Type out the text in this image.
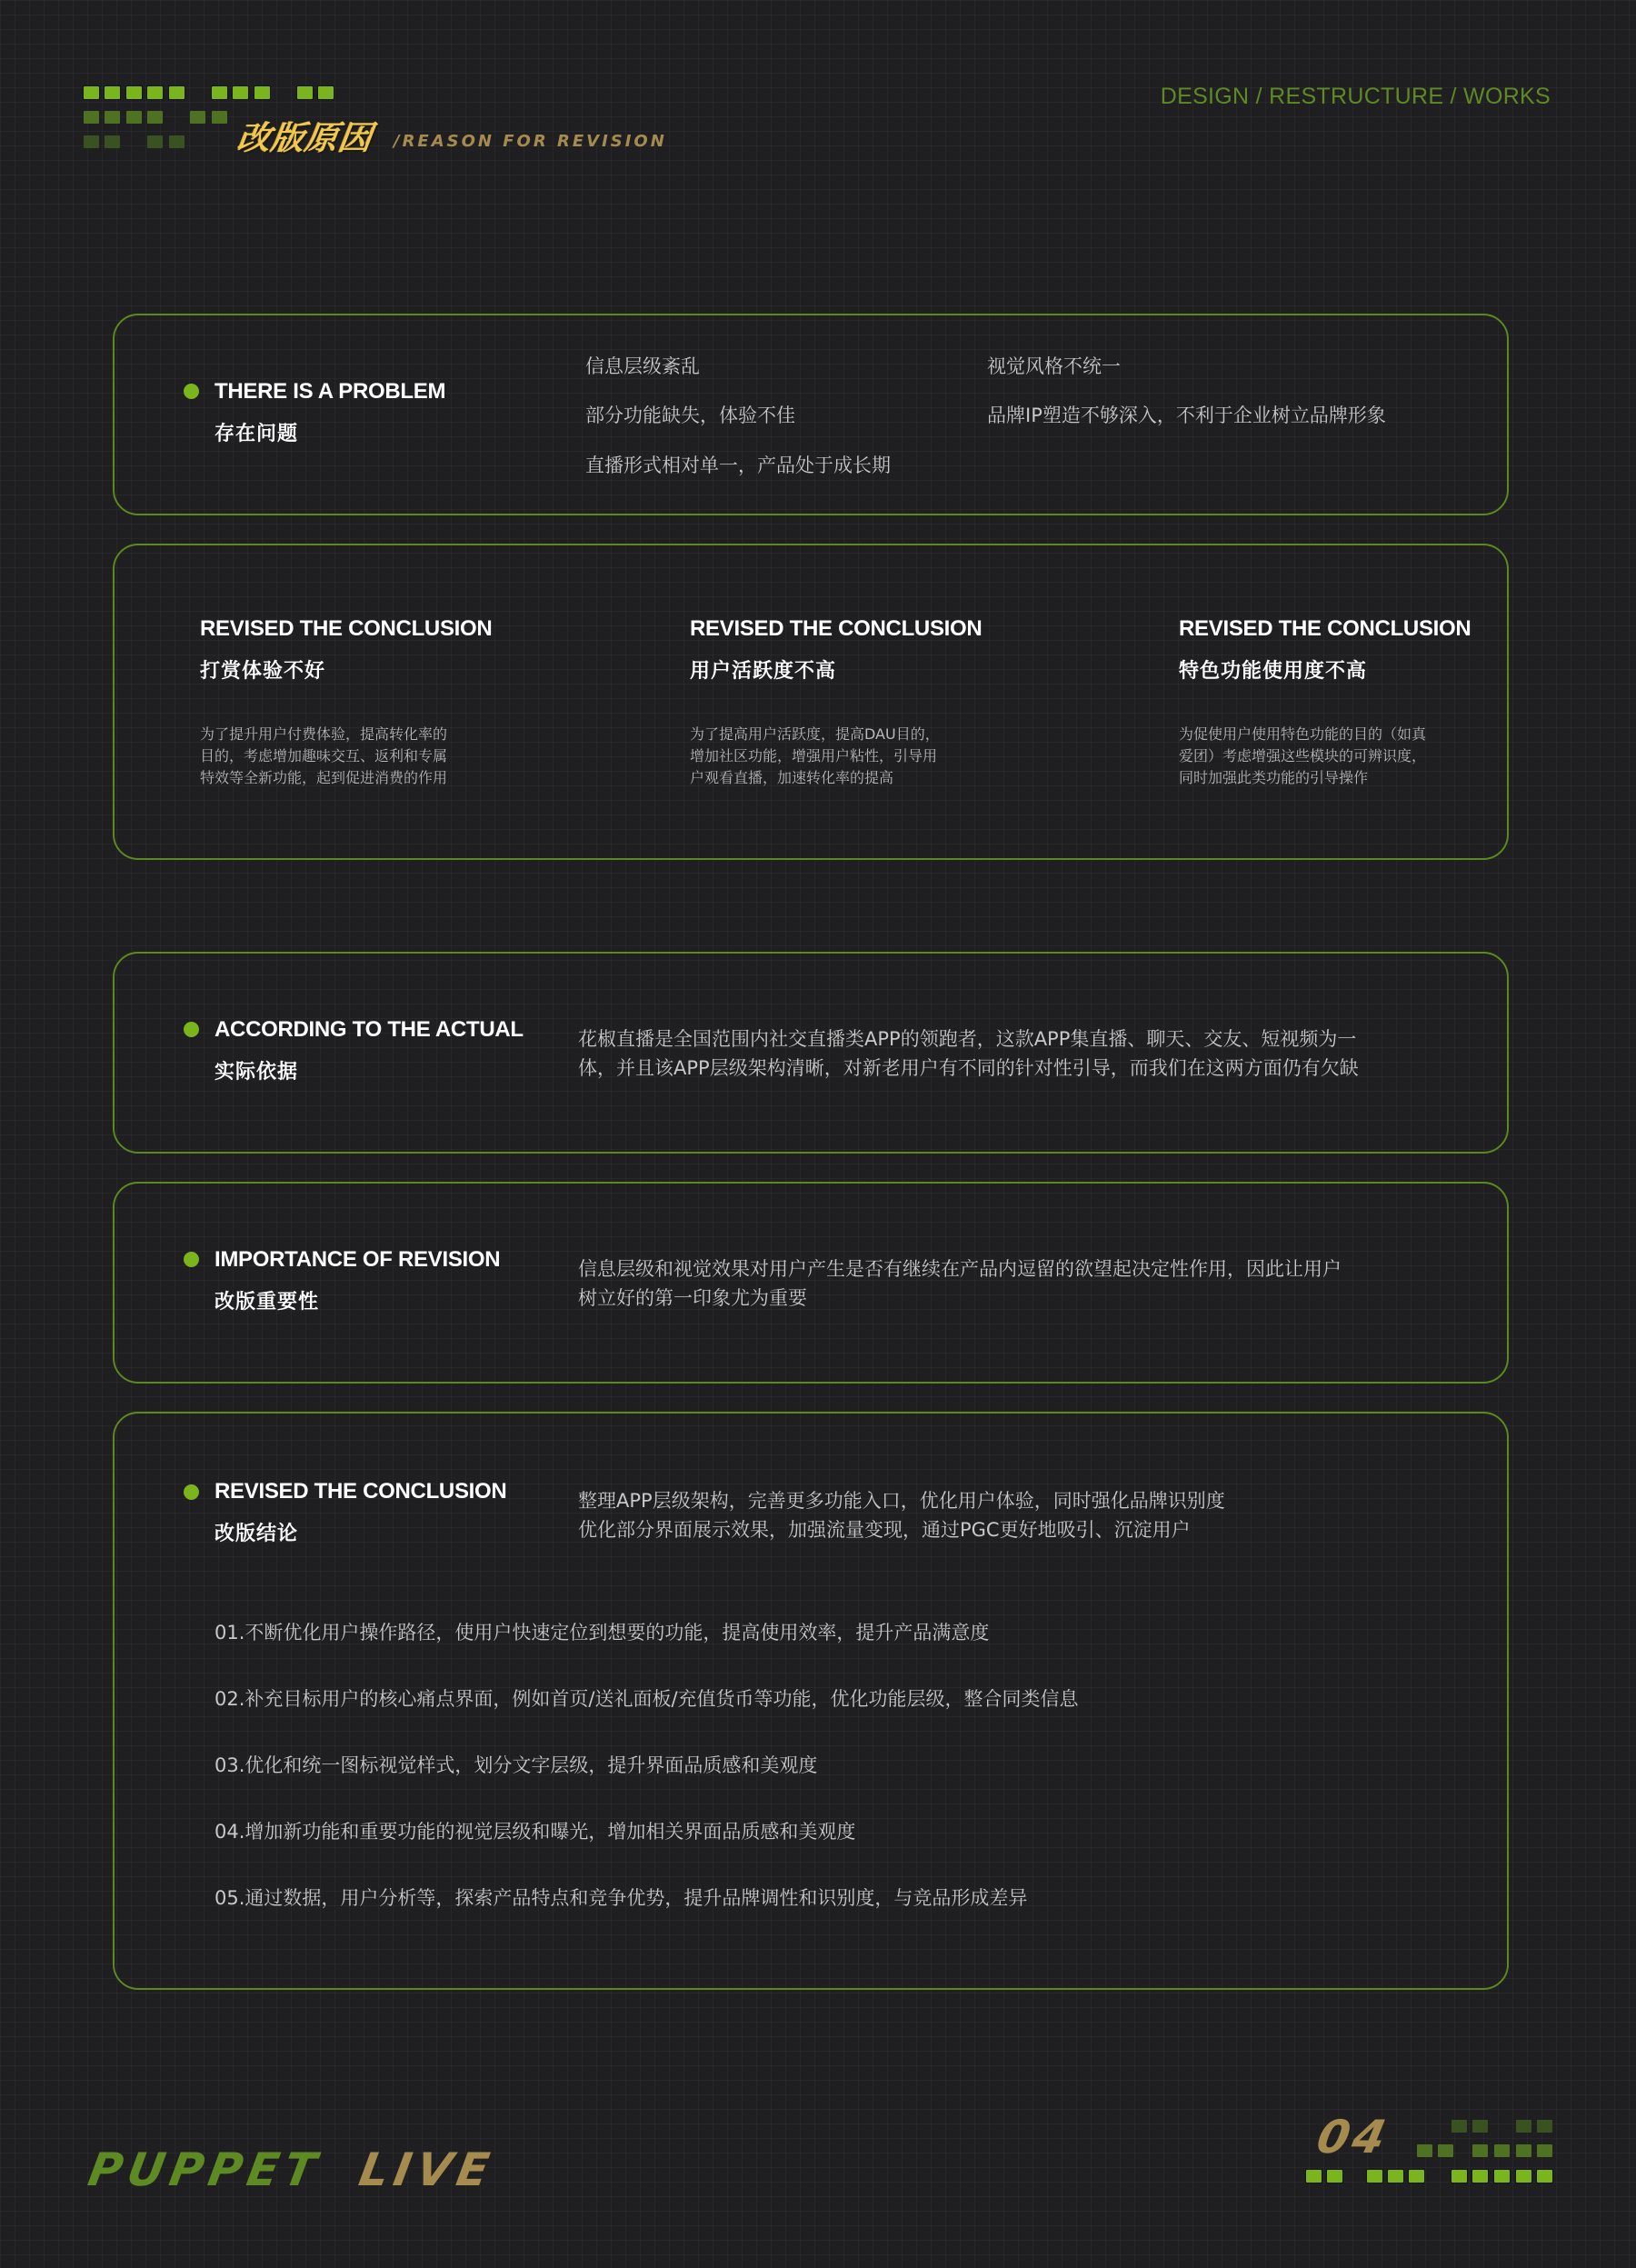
改版原因 /REASON FOR REVISION
DESIGN / RESTRUCTURE / WORKS
THERE IS A PROBLEM
存在问题
信息层级紊乱
部分功能缺失，体验不佳
直播形式相对单一，产品处于成长期
视觉风格不统一
品牌IP塑造不够深入，不利于企业树立品牌形象
REVISED THE CONCLUSION
打赏体验不好
为了提升用户付费体验，提高转化率的
目的，考虑增加趣味交互、返利和专属
特效等全新功能，起到促进消费的作用
REVISED THE CONCLUSION
用户活跃度不高
为了提高用户活跃度，提高DAU目的，
增加社区功能，增强用户粘性，引导用
户观看直播，加速转化率的提高
REVISED THE CONCLUSION
特色功能使用度不高
为促使用户使用特色功能的目的（如真
爱团）考虑增强这些模块的可辨识度，
同时加强此类功能的引导操作
ACCORDING TO THE ACTUAL
实际依据
花椒直播是全国范围内社交直播类APP的领跑者，这款APP集直播、聊天、交友、短视频为一
体，并且该APP层级架构清晰，对新老用户有不同的针对性引导，而我们在这两方面仍有欠缺
IMPORTANCE OF REVISION
改版重要性
信息层级和视觉效果对用户产生是否有继续在产品内逗留的欲望起决定性作用，因此让用户
树立好的第一印象尤为重要
REVISED THE CONCLUSION
改版结论
整理APP层级架构，完善更多功能入口，优化用户体验，同时强化品牌识别度
优化部分界面展示效果，加强流量变现，通过PGC更好地吸引、沉淀用户
01.不断优化用户操作路径，使用户快速定位到想要的功能，提高使用效率，提升产品满意度
02.补充目标用户的核心痛点界面，例如首页/送礼面板/充值货币等功能，优化功能层级，整合同类信息
03.优化和统一图标视觉样式，划分文字层级，提升界面品质感和美观度
04.增加新功能和重要功能的视觉层级和曝光，增加相关界面品质感和美观度
05.通过数据，用户分析等，探索产品特点和竞争优势，提升品牌调性和识别度，与竞品形成差异
PUPPET LIVE
04
